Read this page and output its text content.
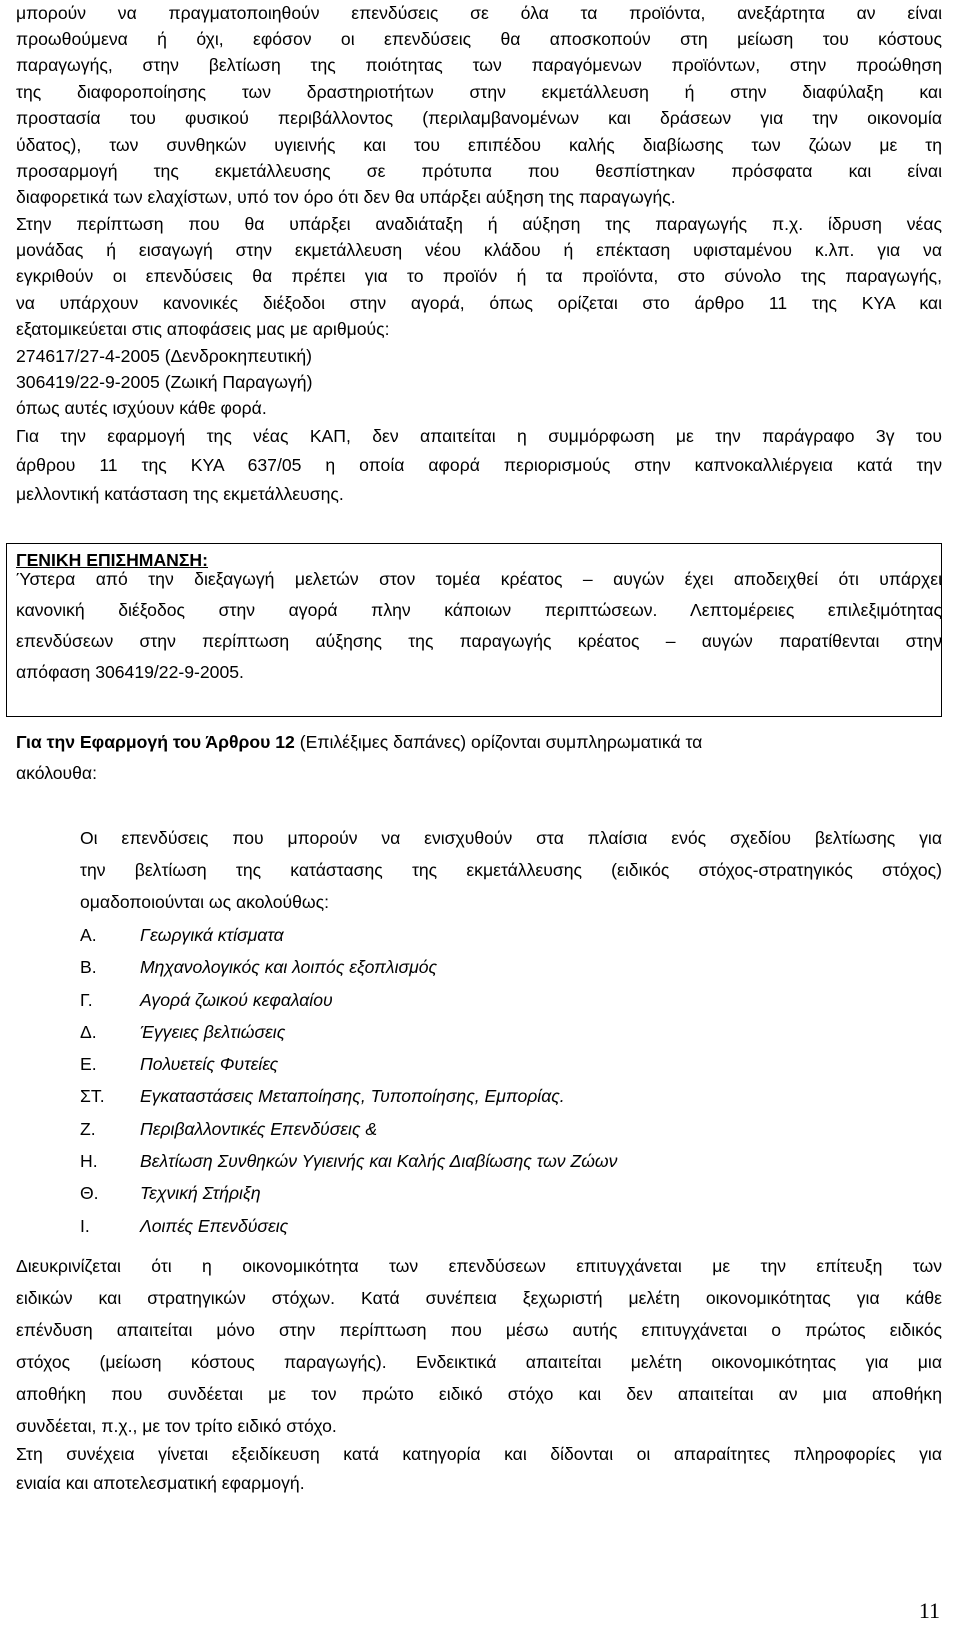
μπορούν να πραγματοποιηθούν επενδύσεις σε όλα τα προϊόντα, ανεξάρτητα αν είναι
προωθούμενα ή όχι, εφόσον οι επενδύσεις θα αποσκοπούν στη μείωση του κόστους
παραγωγής, στην βελτίωση της ποιότητας των παραγόμενων προϊόντων, στην προώθηση
της διαφοροποίησης των δραστηριοτήτων στην εκμετάλλευση ή στην διαφύλαξη και
προστασία του φυσικού περιβάλλοντος (περιλαμβανομένων και δράσεων για την οικονομία
ύδατος), των συνθηκών υγιεινής και του επιπέδου καλής διαβίωσης των ζώων με τη
προσαρμογή της εκμετάλλευσης σε πρότυπα που θεσπίστηκαν πρόσφατα και είναι
διαφορετικά των ελαχίστων, υπό τον όρο ότι δεν θα υπάρξει αύξηση της παραγωγής.
Στην περίπτωση που θα υπάρξει αναδιάταξη ή αύξηση της παραγωγής π.χ. ίδρυση νέας
μονάδας ή εισαγωγή στην εκμετάλλευση νέου κλάδου ή επέκταση υφισταμένου κ.λπ. για να
εγκριθούν οι επενδύσεις θα πρέπει για το προϊόν ή τα προϊόντα, στο σύνολο της παραγωγής,
να υπάρχουν κανονικές διέξοδοι στην αγορά, όπως ορίζεται στο άρθρο 11 της ΚΥΑ και
εξατομικεύεται στις αποφάσεις μας με αριθμούς:
274617/27-4-2005 (Δενδροκηπευτική)
306419/22-9-2005 (Ζωική Παραγωγή)
όπως αυτές ισχύουν κάθε φορά.
Για την εφαρμογή της νέας ΚΑΠ, δεν απαιτείται η συμμόρφωση με την παράγραφο 3γ του
άρθρου 11 της ΚΥΑ 637/05 η οποία αφορά περιορισμούς στην καπνοκαλλιέργεια κατά την
μελλοντική κατάσταση της εκμετάλλευσης.
ΓΕΝΙΚΗ ΕΠΙΣΗΜΑΝΣΗ:
Ύστερα από την διεξαγωγή μελετών στον τομέα κρέατος – αυγών έχει αποδειχθεί ότι υπάρχει
κανονική διέξοδος στην αγορά πλην κάποιων περιπτώσεων. Λεπτομέρειες επιλεξιμότητας
επενδύσεων στην περίπτωση αύξησης της παραγωγής κρέατος – αυγών παρατίθενται στην
απόφαση 306419/22-9-2005.
Για την Εφαρμογή του Άρθρου 12 (Επιλέξιμες δαπάνες) ορίζονται συμπληρωματικά τα
ακόλουθα:
Οι επενδύσεις που μπορούν να ενισχυθούν στα πλαίσια ενός σχεδίου βελτίωσης για
την βελτίωση της κατάστασης της εκμετάλλευσης (ειδικός στόχος-στρατηγικός στόχος)
ομαδοποιούνται ως ακολούθως:
Α. Γεωργικά κτίσματα
Β. Μηχανολογικός και λοιπός εξοπλισμός
Γ.	Αγορά ζωικού κεφαλαίου
Δ. Έγγειες βελτιώσεις
Ε. Πολυετείς Φυτείες
ΣΤ. Εγκαταστάσεις Μεταποίησης, Τυποποίησης, Εμπορίας.
Ζ.	Περιβαλλοντικές Επενδύσεις &
Η. Βελτίωση Συνθηκών Υγιεινής και Καλής Διαβίωσης των Ζώων
Θ. Τεχνική Στήριξη
Ι.	Λοιπές Επενδύσεις
Διευκρινίζεται ότι η οικονομικότητα των επενδύσεων επιτυγχάνεται με την επίτευξη των
ειδικών και στρατηγικών στόχων. Κατά συνέπεια ξεχωριστή μελέτη οικονομικότητας για κάθε
επένδυση απαιτείται μόνο στην περίπτωση που μέσω αυτής επιτυγχάνεται ο πρώτος ειδικός
στόχος (μείωση κόστους παραγωγής). Ενδεικτικά απαιτείται μελέτη οικονομικότητας για μια
αποθήκη που συνδέεται με τον πρώτο ειδικό στόχο και δεν απαιτείται αν μια αποθήκη
συνδέεται, π.χ., με τον τρίτο ειδικό στόχο.
Στη συνέχεια γίνεται εξειδίκευση κατά κατηγορία και δίδονται οι απαραίτητες πληροφορίες για
ενιαία και αποτελεσματική εφαρμογή.
11
